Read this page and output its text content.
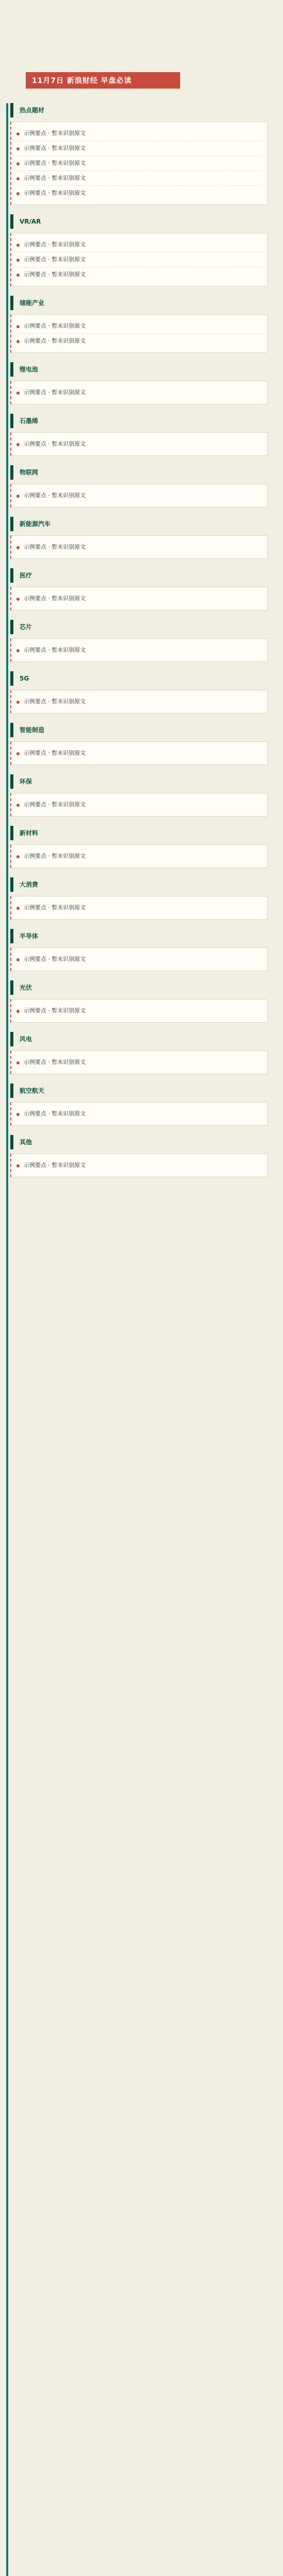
11月7日 新浪财经 早盘必读
热点题材
示例要点 · 暂未识别原文
示例要点 · 暂未识别原文
示例要点 · 暂未识别原文
示例要点 · 暂未识别原文
示例要点 · 暂未识别原文
VR/AR
示例要点 · 暂未识别原文
示例要点 · 暂未识别原文
示例要点 · 暂未识别原文
储能产业
示例要点 · 暂未识别原文
示例要点 · 暂未识别原文
锂电池
示例要点 · 暂未识别原文
石墨烯
示例要点 · 暂未识别原文
物联网
示例要点 · 暂未识别原文
新能源汽车
示例要点 · 暂未识别原文
医疗
示例要点 · 暂未识别原文
芯片
示例要点 · 暂未识别原文
5G
示例要点 · 暂未识别原文
智能制造
示例要点 · 暂未识别原文
环保
示例要点 · 暂未识别原文
新材料
示例要点 · 暂未识别原文
大消费
示例要点 · 暂未识别原文
半导体
示例要点 · 暂未识别原文
光伏
示例要点 · 暂未识别原文
风电
示例要点 · 暂未识别原文
航空航天
示例要点 · 暂未识别原文
其他
示例要点 · 暂未识别原文
